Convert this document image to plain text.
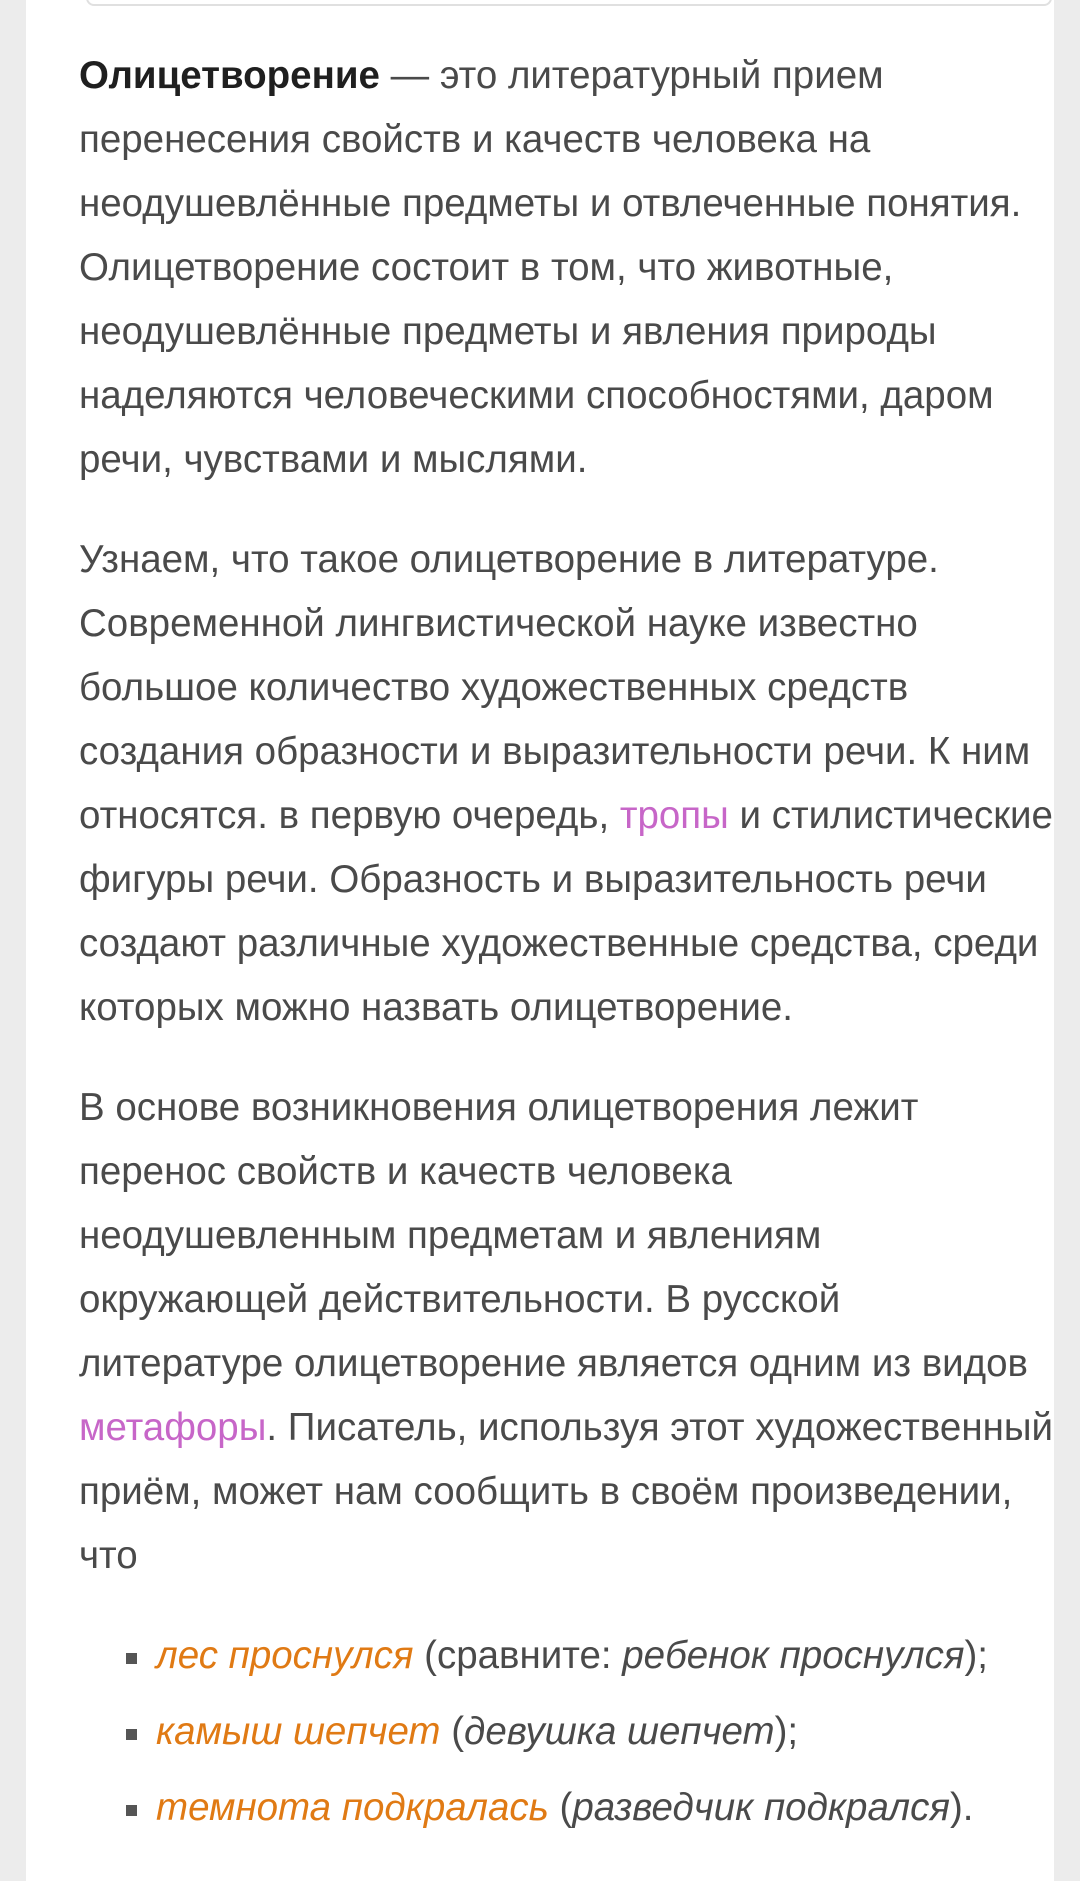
Олицетворение — это литературный прием перенесения свойств и качеств человека на неодушевлённые предметы и отвлеченные понятия. Олицетворение состоит в том, что животные, неодушевлённые предметы и явления природы наделяются человеческими способностями, даром речи, чувствами и мыслями.

Узнаем, что такое олицетворение в литературе. Современной лингвистической науке известно большое количество художественных средств создания образности и выразительности речи. К ним относятся. в первую очередь, тропы и стилистические фигуры речи. Образность и выразительность речи создают различные художественные средства, среди которых можно назвать олицетворение.

В основе возникновения олицетворения лежит перенос свойств и качеств человека неодушевленным предметам и явлениям окружающей действительности. В русской литературе олицетворение является одним из видов метафоры. Писатель, используя этот художественный приём, может нам сообщить в своём произведении, что

лес проснулся (сравните: ребенок проснулся);
камыш шепчет (девушка шепчет);
темнота подкралась (разведчик подкрался).
